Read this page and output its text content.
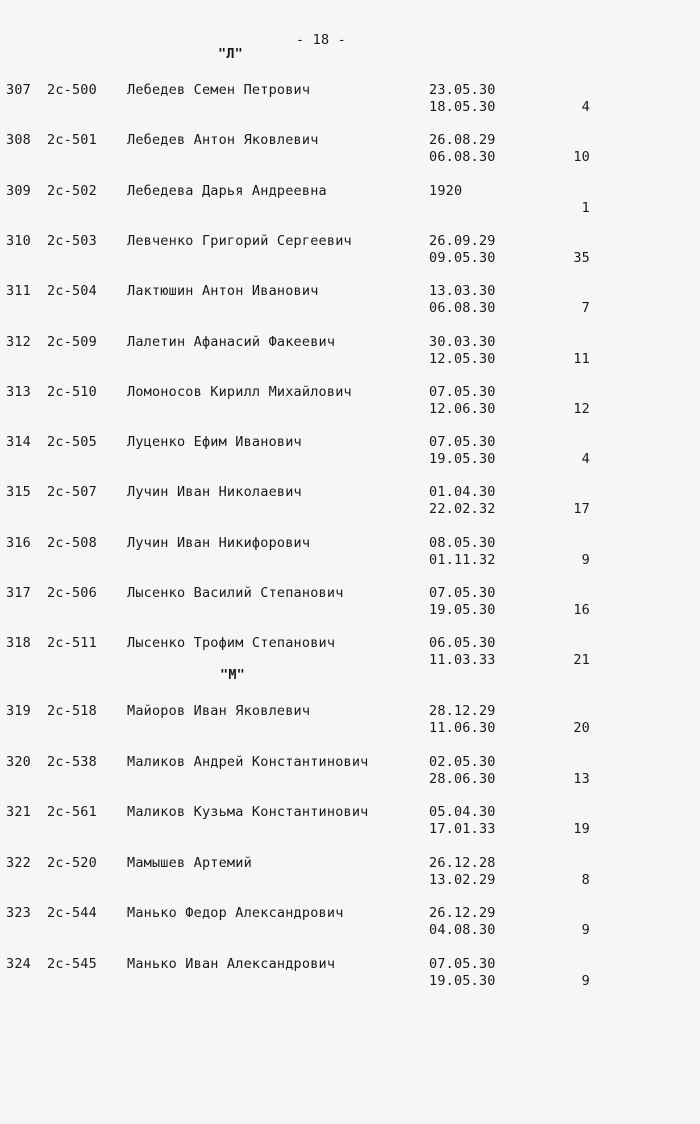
- 18 -
"Л"
307 2с-500 Лебедев Семен Петрович	23.05.30
18.05.30	4
308 2с-501 Лебедев Антон Яковлевич	26.08.29
06.08.30	10
309 2с-502 Лебедева Дарья Андреевна	1920
1
310 2с-503 Левченко Григорий Сергеевич	26.09.29
09.05.30	35
311 2с-504 Лактюшин Антон Иванович	13.03.30
06.08.30	7
312 2с-509 Лалетин Афанасий Факеевич	30.03.30
12.05.30	11
313 2с-510 Ломоносов Кирилл Михайлович	07.05.30
12.06.30	12
314 2с-505 Луценко Ефим Иванович	07.05.30
19.05.30	4
315 2с-507 Лучин Иван Николаевич	01.04.30
22.02.32	17
316 2с-508 Лучин Иван Никифорович	08.05.30
01.11.32	9
317 2с-506 Лысенко Василий Степанович	07.05.30
19.05.30	16
318 2с-511 Лысенко Трофим Степанович	06.05.30
11.03.33	21
"М"
319 2с-518 Майоров Иван Яковлевич	28.12.29
11.06.30	20
320 2с-538 Маликов Андрей Константинович	02.05.30
28.06.30	13
321 2с-561 Маликов Кузьма Константинович	05.04.30
17.01.33	19
322 2с-520 Мамышев Артемий	26.12.28
13.02.29	8
323 2с-544 Манько Федор Александрович	26.12.29
04.08.30	9
324 2с-545 Манько Иван Александрович	07.05.30
19.05.30	9
